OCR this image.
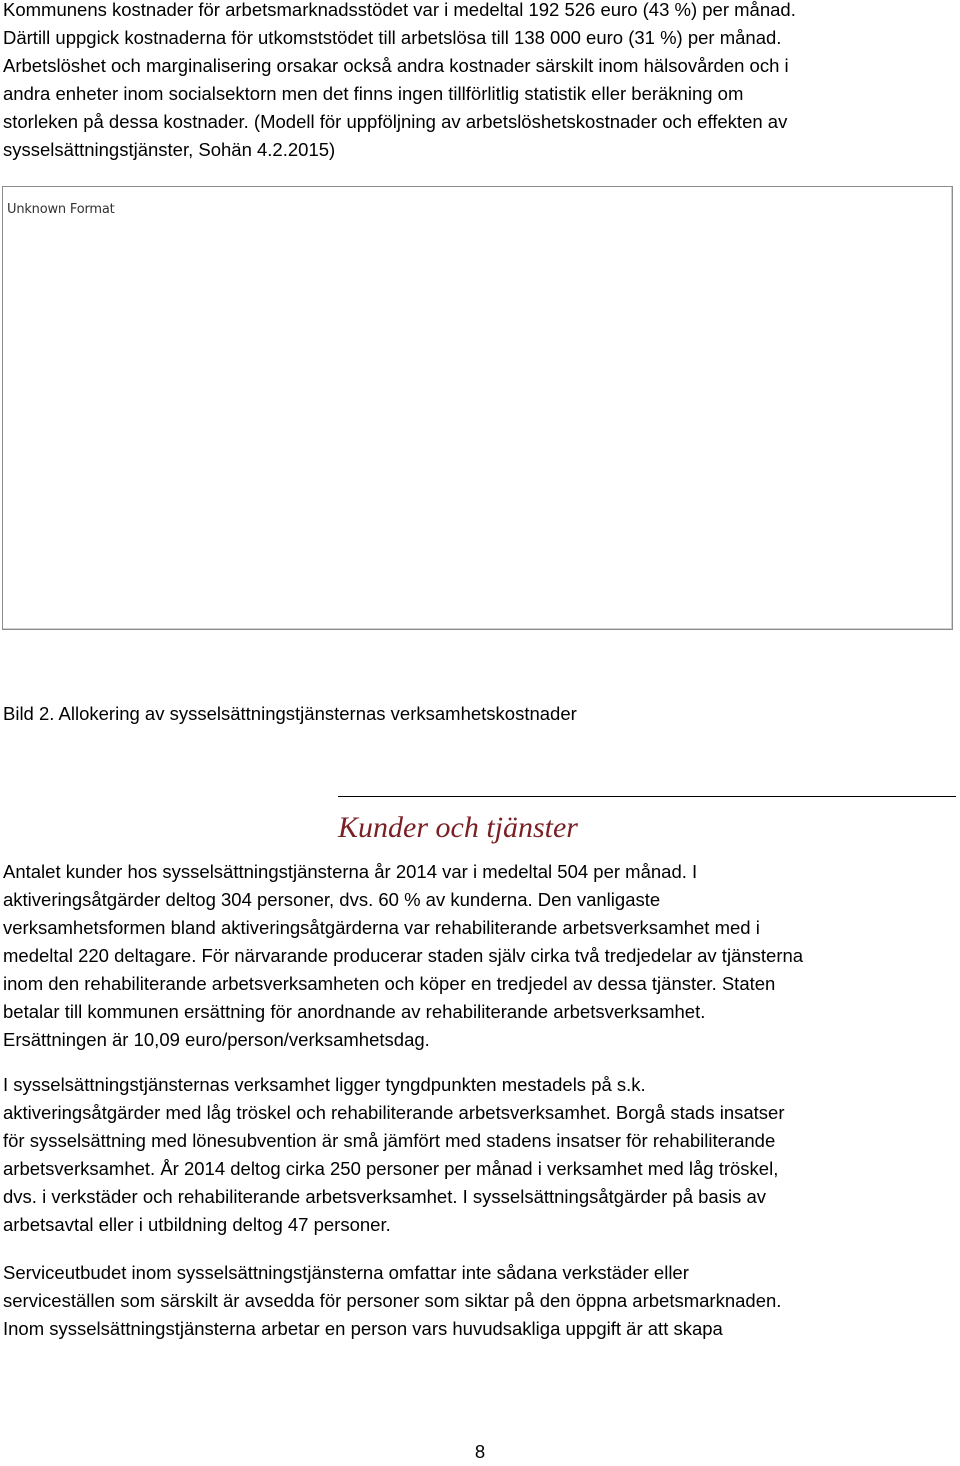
Kommunens kostnader för arbetsmarknadsstödet var i medeltal 192 526 euro (43 %) per månad.
Därtill uppgick kostnaderna för utkomststödet till arbetslösa till 138 000 euro (31 %) per månad.
Arbetslöshet och marginalisering orsakar också andra kostnader särskilt inom hälsovården och i
andra enheter inom socialsektorn men det finns ingen tillförlitlig statistik eller beräkning om
storleken på dessa kostnader. (Modell för uppföljning av arbetslöshetskostnader och effekten av
sysselsättningstjänster, Sohän 4.2.2015)

Unknown Format

Bild 2. Allokering av sysselsättningstjänsternas verksamhetskostnader

Kunder och tjänster

Antalet kunder hos sysselsättningstjänsterna år 2014 var i medeltal 504 per månad. I
aktiveringsåtgärder deltog 304 personer, dvs. 60 % av kunderna. Den vanligaste
verksamhetsformen bland aktiveringsåtgärderna var rehabiliterande arbetsverksamhet med i
medeltal 220 deltagare. För närvarande producerar staden själv cirka två tredjedelar av tjänsterna
inom den rehabiliterande arbetsverksamheten och köper en tredjedel av dessa tjänster. Staten
betalar till kommunen ersättning för anordnande av rehabiliterande arbetsverksamhet.
Ersättningen är 10,09 euro/person/verksamhetsdag.

I sysselsättningstjänsternas verksamhet ligger tyngdpunkten mestadels på s.k.
aktiveringsåtgärder med låg tröskel och rehabiliterande arbetsverksamhet. Borgå stads insatser
för sysselsättning med lönesubvention är små jämfört med stadens insatser för rehabiliterande
arbetsverksamhet. År 2014 deltog cirka 250 personer per månad i verksamhet med låg tröskel,
dvs. i verkstäder och rehabiliterande arbetsverksamhet. I sysselsättningsåtgärder på basis av
arbetsavtal eller i utbildning deltog 47 personer.

Serviceutbudet inom sysselsättningstjänsterna omfattar inte sådana verkstäder eller
serviceställen som särskilt är avsedda för personer som siktar på den öppna arbetsmarknaden.
Inom sysselsättningstjänsterna arbetar en person vars huvudsakliga uppgift är att skapa

8
